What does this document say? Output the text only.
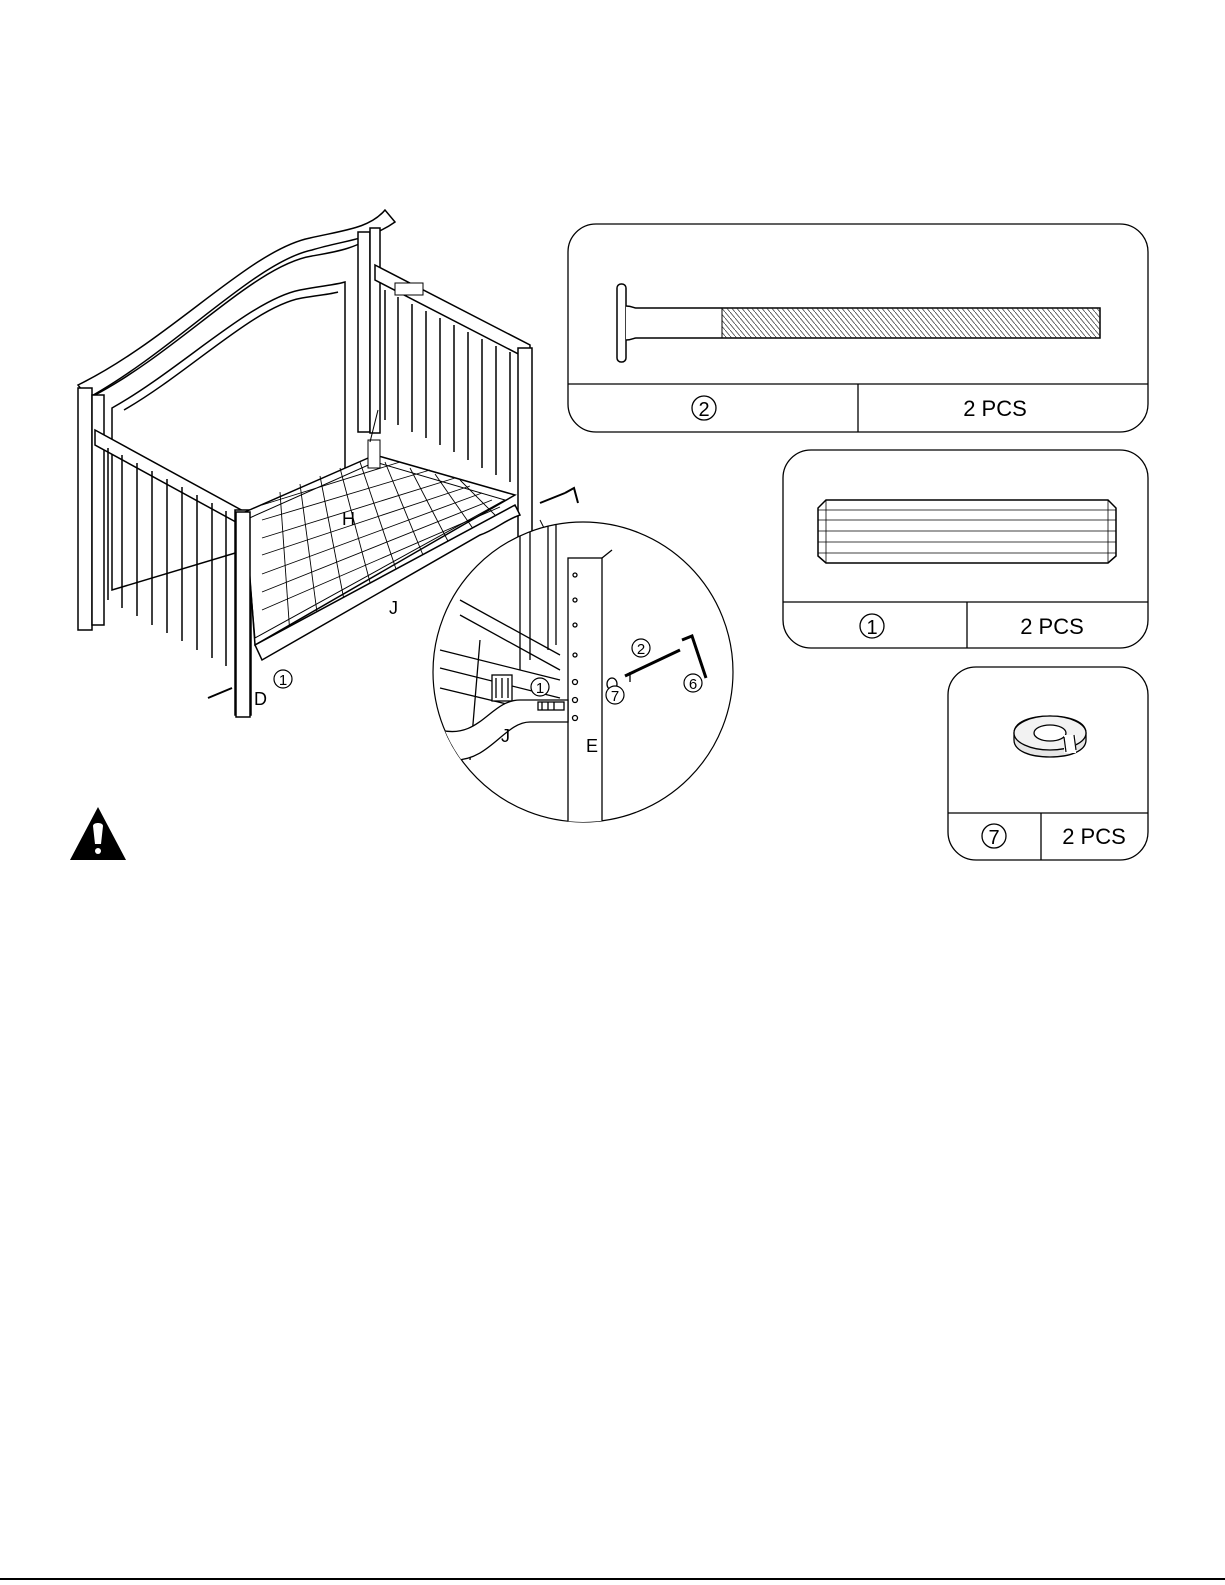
H
J
D
1
J	E
1
2
7
6
2	2 PCS
1	2 PCS
7	2 PCS
